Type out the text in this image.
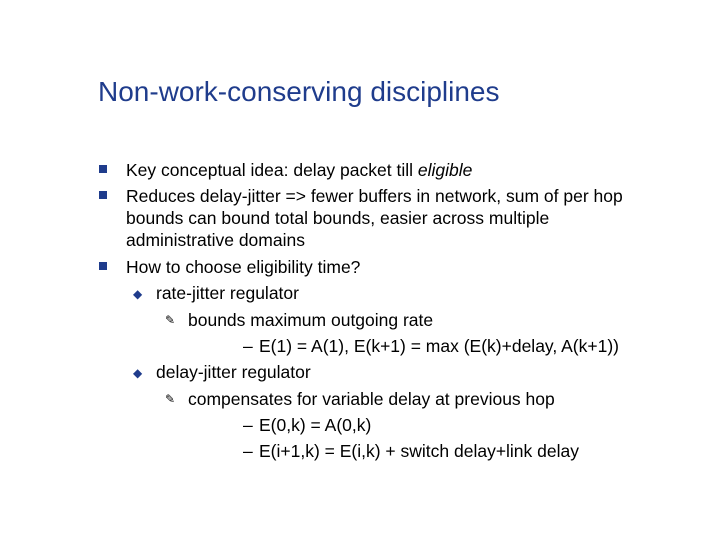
Non-work-conserving disciplines
Key conceptual idea: delay packet till eligible
Reduces delay-jitter => fewer buffers in network, sum of per hop
bounds can bound total bounds, easier across multiple
administrative domains
How to choose eligibility time?
◆ rate-jitter regulator
✎ bounds maximum outgoing rate
– E(1) = A(1), E(k+1) = max (E(k)+delay, A(k+1))
◆ delay-jitter regulator
✎ compensates for variable delay at previous hop
– E(0,k) = A(0,k)
– E(i+1,k) = E(i,k) + switch delay+link delay
